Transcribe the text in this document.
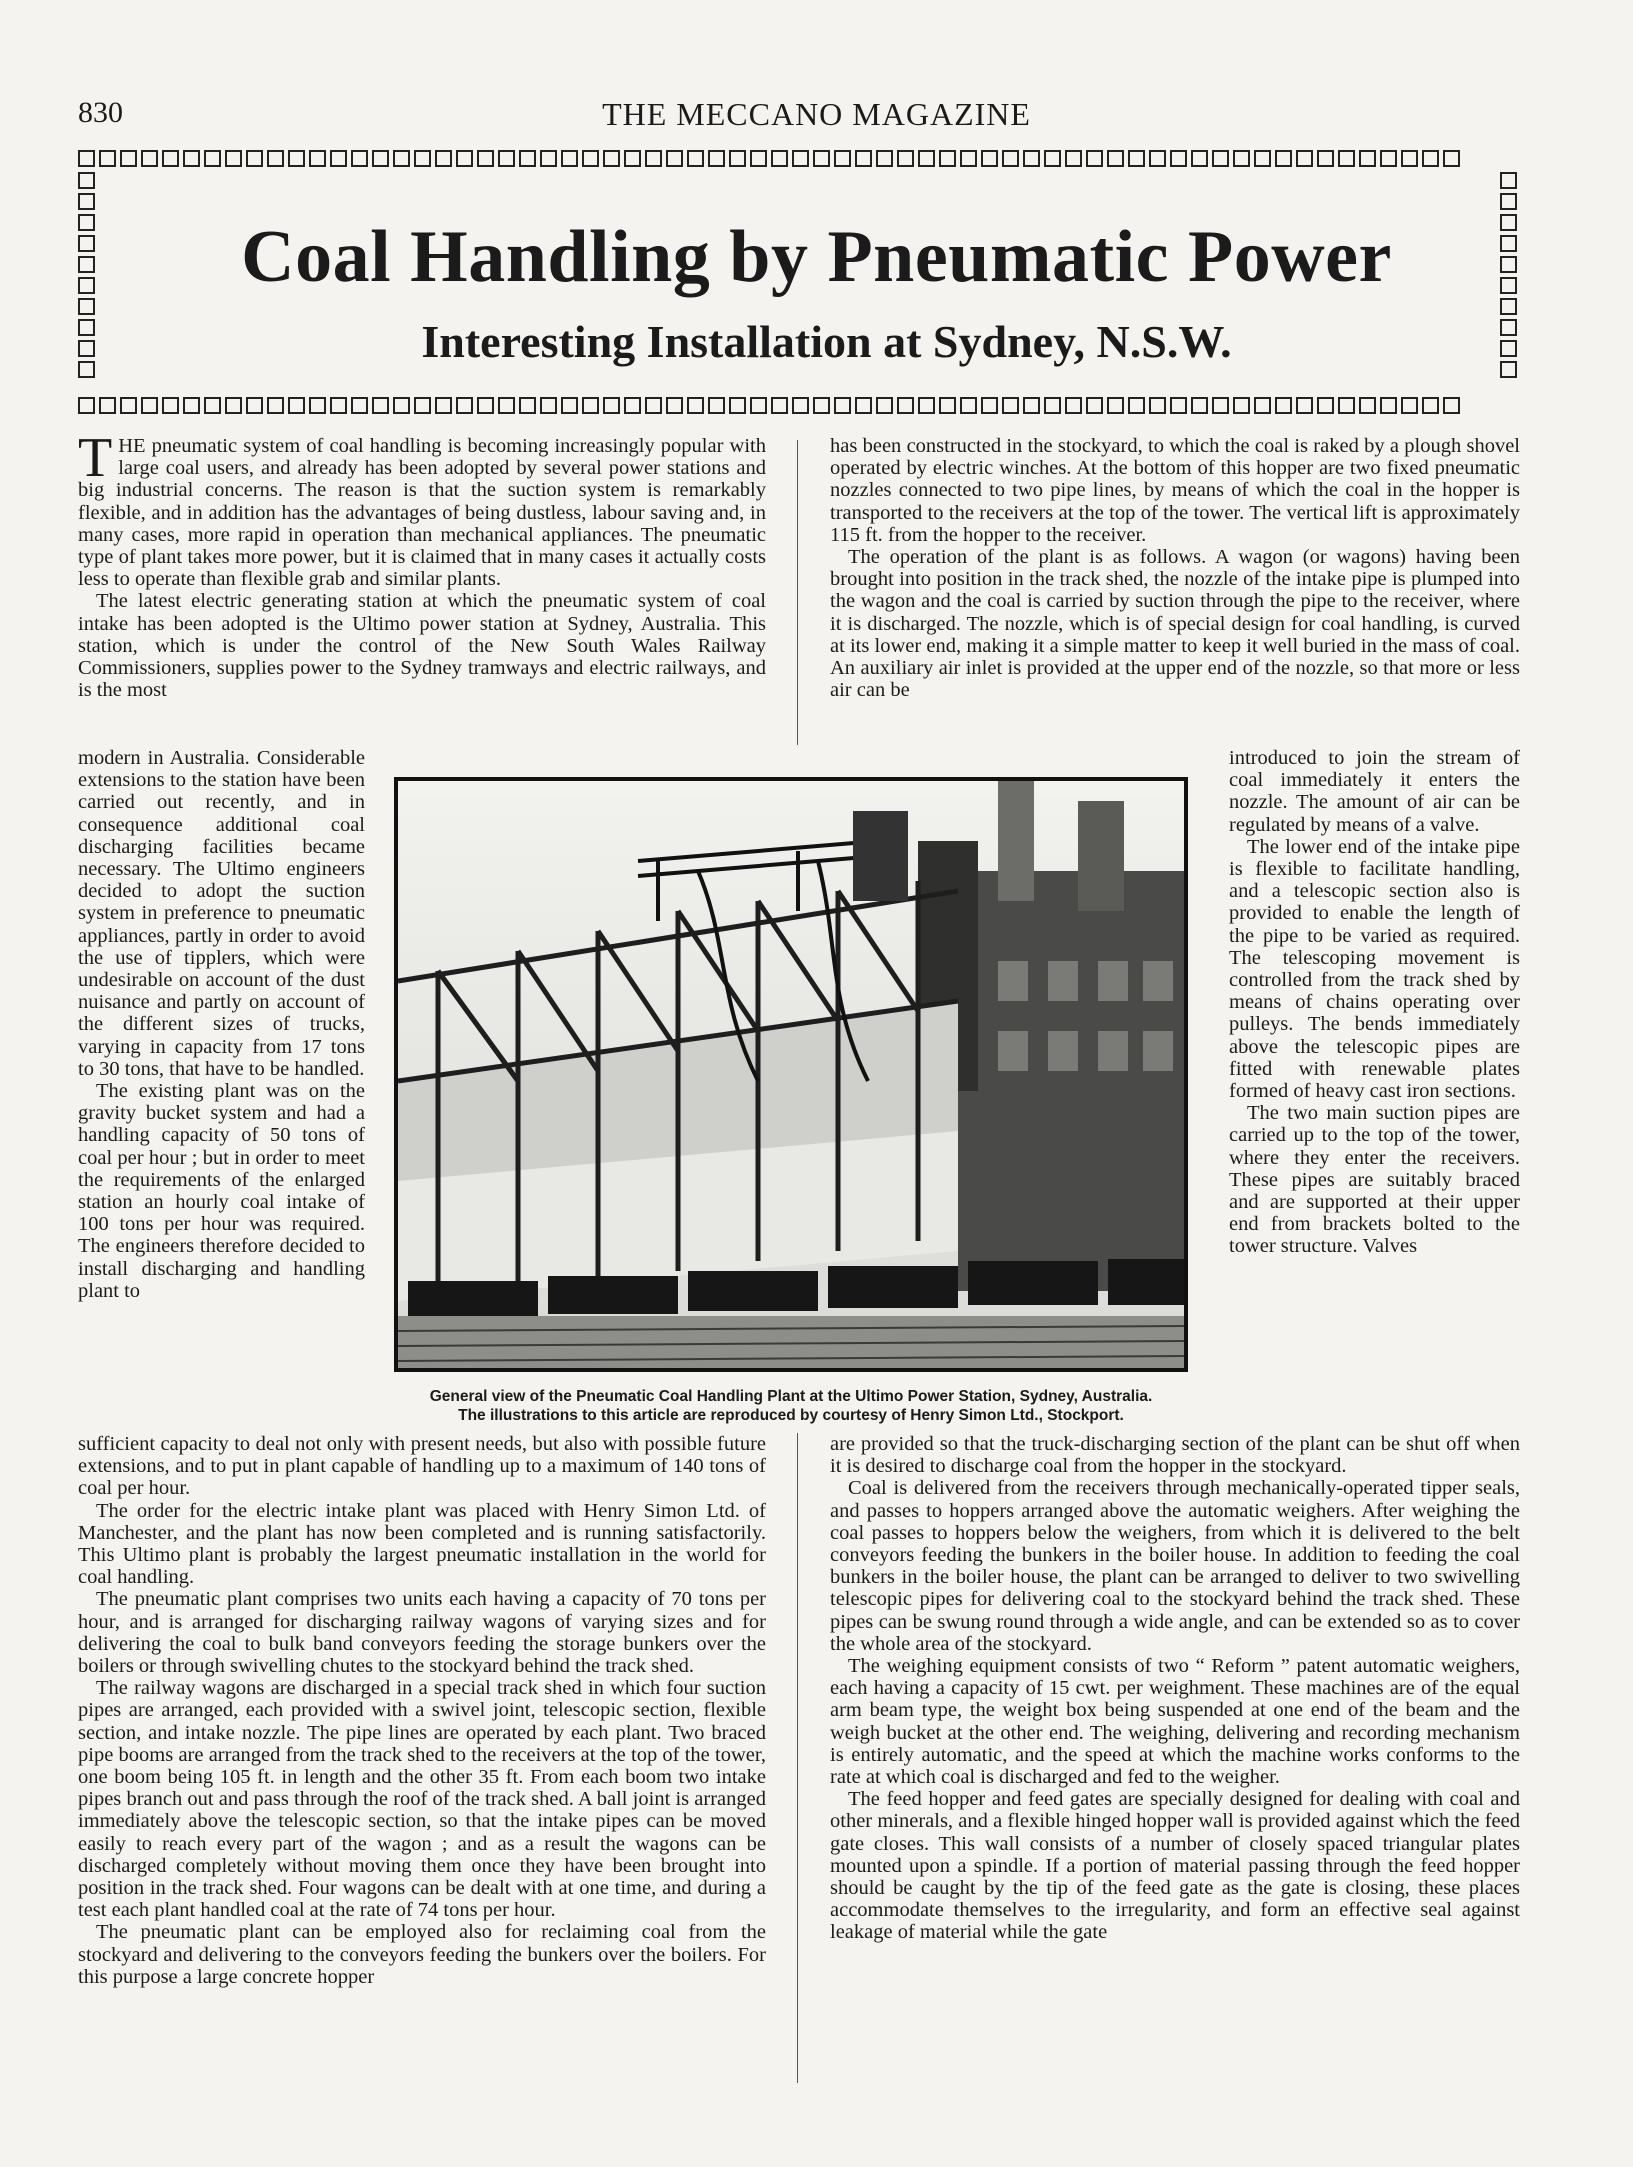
830	THE MECCANO MAGAZINE
Coal Handling by Pneumatic Power
Interesting Installation at Sydney, N.S.W.

THE pneumatic system of coal handling is becoming increasingly popular with large coal users, and already has been adopted by several power stations and big industrial concerns. The reason is that the suction system is remarkably flexible, and in addition has the advantages of being dustless, labour saving and, in many cases, more rapid in operation than mechanical appliances. The pneumatic type of plant takes more power, but it is claimed that in many cases it actually costs less to operate than flexible grab and similar plants.

The latest electric generating station at which the pneumatic system of coal intake has been adopted is the Ultimo power station at Sydney, Australia. This station, which is under the control of the New South Wales Railway Commissioners, supplies power to the Sydney tramways and electric railways, and is the most

modern in Australia. Considerable extensions to the station have been carried out recently, and in consequence additional coal discharging facilities became necessary. The Ultimo engineers decided to adopt the suction system in preference to pneumatic appliances, partly in order to avoid the use of tipplers, which were undesirable on account of the dust nuisance and partly on account of the different sizes of trucks, varying in capacity from 17 tons to 30 tons, that have to be handled.

The existing plant was on the gravity bucket system and had a handling capacity of 50 tons of coal per hour ; but in order to meet the requirements of the enlarged station an hourly coal intake of 100 tons per hour was required. The engineers therefore decided to install discharging and handling plant to

sufficient capacity to deal not only with present needs, but also with possible future extensions, and to put in plant capable of handling up to a maximum of 140 tons of coal per hour.

The order for the electric intake plant was placed with Henry Simon Ltd. of Manchester, and the plant has now been completed and is running satisfactorily. This Ultimo plant is probably the largest pneumatic installation in the world for coal handling.

The pneumatic plant comprises two units each having a capacity of 70 tons per hour, and is arranged for discharging railway wagons of varying sizes and for delivering the coal to bulk band conveyors feeding the storage bunkers over the boilers or through swivelling chutes to the stockyard behind the track shed.

The railway wagons are discharged in a special track shed in which four suction pipes are arranged, each provided with a swivel joint, telescopic section, flexible section, and intake nozzle. The pipe lines are operated by each plant. Two braced pipe booms are arranged from the track shed to the receivers at the top of the tower, one boom being 105 ft. in length and the other 35 ft. From each boom two intake pipes branch out and pass through the roof of the track shed. A ball joint is arranged immediately above the telescopic section, so that the intake pipes can be moved easily to reach every part of the wagon ; and as a result the wagons can be discharged completely without moving them once they have been brought into position in the track shed. Four wagons can be dealt with at one time, and during a test each plant handled coal at the rate of 74 tons per hour.

The pneumatic plant can be employed also for reclaiming coal from the stockyard and delivering to the conveyors feeding the bunkers over the boilers. For this purpose a large concrete hopper

has been constructed in the stockyard, to which the coal is raked by a plough shovel operated by electric winches. At the bottom of this hopper are two fixed pneumatic nozzles connected to two pipe lines, by means of which the coal in the hopper is transported to the receivers at the top of the tower. The vertical lift is approximately 115 ft. from the hopper to the receiver.

The operation of the plant is as follows. A wagon (or wagons) having been brought into position in the track shed, the nozzle of the intake pipe is plumped into the wagon and the coal is carried by suction through the pipe to the receiver, where it is discharged. The nozzle, which is of special design for coal handling, is curved at its lower end, making it a simple matter to keep it well buried in the mass of coal. An auxiliary air inlet is provided at the upper end of the nozzle, so that more or less air can be

introduced to join the stream of coal immediately it enters the nozzle. The amount of air can be regulated by means of a valve.

The lower end of the intake pipe is flexible to facilitate handling, and a telescopic section also is provided to enable the length of the pipe to be varied as required. The telescoping movement is controlled from the track shed by means of chains operating over pulleys. The bends immediately above the telescopic pipes are fitted with renewable plates formed of heavy cast iron sections.

The two main suction pipes are carried up to the top of the tower, where they enter the receivers. These pipes are suitably braced and are supported at their upper end from brackets bolted to the tower structure. Valves

are provided so that the truck-discharging section of the plant can be shut off when it is desired to discharge coal from the hopper in the stockyard.

Coal is delivered from the receivers through mechanically-operated tipper seals, and passes to hoppers arranged above the automatic weighers. After weighing the coal passes to hoppers below the weighers, from which it is delivered to the belt conveyors feeding the bunkers in the boiler house. In addition to feeding the coal bunkers in the boiler house, the plant can be arranged to deliver to two swivelling telescopic pipes for delivering coal to the stockyard behind the track shed. These pipes can be swung round through a wide angle, and can be extended so as to cover the whole area of the stockyard.

The weighing equipment consists of two “ Reform ” patent automatic weighers, each having a capacity of 15 cwt. per weighment. These machines are of the equal arm beam type, the weight box being suspended at one end of the beam and the weigh bucket at the other end. The weighing, delivering and recording mechanism is entirely automatic, and the speed at which the machine works conforms to the rate at which coal is discharged and fed to the weigher.

The feed hopper and feed gates are specially designed for dealing with coal and other minerals, and a flexible hinged hopper wall is provided against which the feed gate closes. This wall consists of a number of closely spaced triangular plates mounted upon a spindle. If a portion of material passing through the feed hopper should be caught by the tip of the feed gate as the gate is closing, these places accommodate themselves to the irregularity, and form an effective seal against leakage of material while the gate

General view of the Pneumatic Coal Handling Plant at the Ultimo Power Station, Sydney, Australia.
The illustrations to this article are reproduced by courtesy of Henry Simon Ltd., Stockport.
